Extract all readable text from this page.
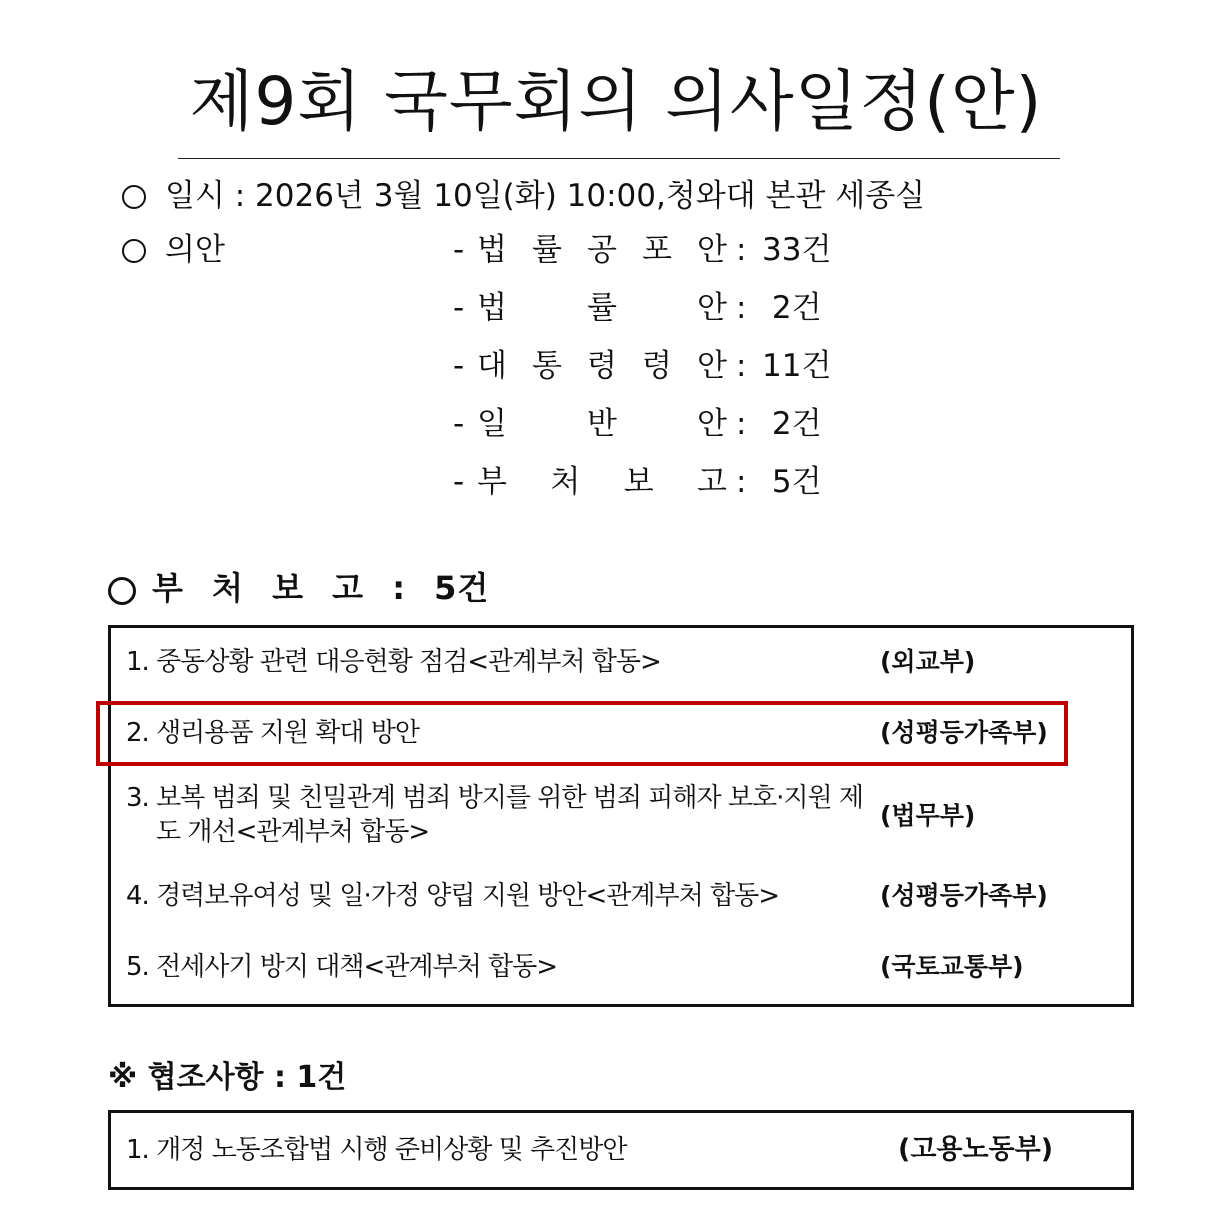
제9회 국무회의 의사일정(안)
일시 : 2026년 3월 10일(화) 10:00,청와대 본관 세종실
의안	- 법 률 공 포 안 : 33건
- 법	률	안 : 2건
- 대 통 령 령 안 : 11건
- 일	반	안 : 2건
- 부 처 보 고 : 5건
부 처 보 고 : 5건
1. 중동상황 관련 대응현황 점검<관계부처 합동>	(외교부)
2. 생리용품 지원 확대 방안	(성평등가족부)
3. 보복 범죄 및 친밀관계 범죄 방지를 위한 범죄 피해자 보호·지원 제
도 개선<관계부처 합동>
(법무부)
4. 경력보유여성 및 일·가정 양립 지원 방안<관계부처 합동>	(성평등가족부)
5. 전세사기 방지 대책<관계부처 합동>	(국토교통부)
※ 협조사항 : 1건
1. 개정 노동조합법 시행 준비상황 및 추진방안	(고용노동부)
